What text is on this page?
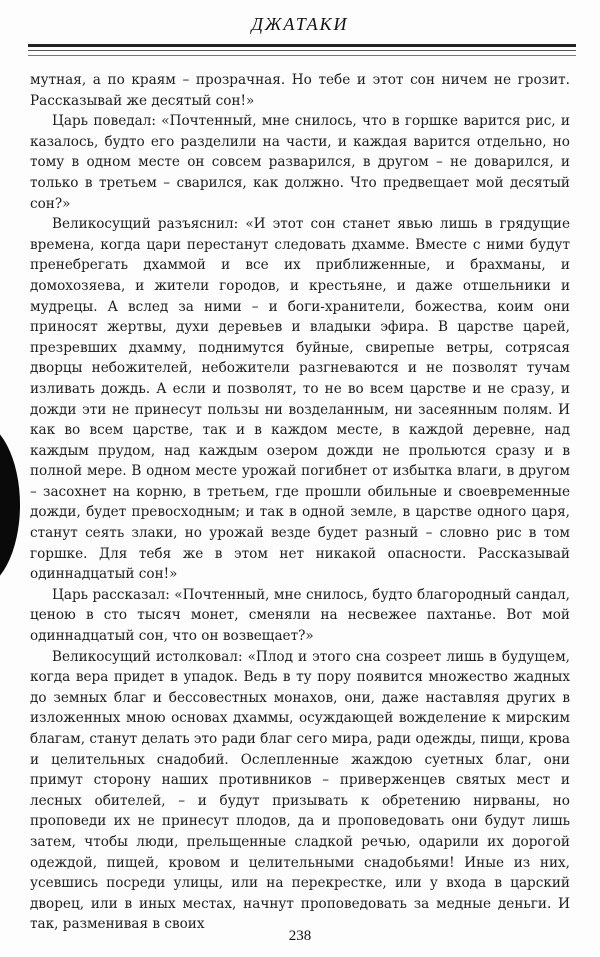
ДЖАТАКИ

мутная, а по краям – прозрачная. Но тебе и этот сон ничем не грозит. Рассказывай же десятый сон!»

Царь поведал: «Почтенный, мне снилось, что в горшке варится рис, и казалось, будто его разделили на части, и каждая варится отдельно, но тому в одном месте он совсем разварился, в другом – не доварился, и только в третьем – сварился, как должно. Что предвещает мой десятый сон?»

Великосущий разъяснил: «И этот сон станет явью лишь в грядущие времена, когда цари перестанут следовать дхамме. Вместе с ними будут пренебрегать дхаммой и все их приближенные, и брахманы, и домохозяева, и жители городов, и крестьяне, и даже отшельники и мудрецы. А вслед за ними – и боги-хранители, божества, коим они приносят жертвы, духи деревьев и владыки эфира. В царстве царей, презревших дхамму, поднимутся буйные, свирепые ветры, сотрясая дворцы небожителей, небожители разгневаются и не позволят тучам изливать дождь. А если и позволят, то не во всем царстве и не сразу, и дожди эти не принесут пользы ни возделанным, ни засеянным полям. И как во всем царстве, так и в каждом месте, в каждой деревне, над каждым прудом, над каждым озером дожди не прольются сразу и в полной мере. В одном месте урожай погибнет от избытка влаги, в другом – засохнет на корню, в третьем, где прошли обильные и своевременные дожди, будет превосходным; и так в одной земле, в царстве одного царя, станут сеять злаки, но урожай везде будет разный – словно рис в том горшке. Для тебя же в этом нет никакой опасности. Рассказывай одиннадцатый сон!»

Царь рассказал: «Почтенный, мне снилось, будто благородный сандал, ценою в сто тысяч монет, сменяли на несвежее пахтанье. Вот мой одиннадцатый сон, что он возвещает?»

Великосущий истолковал: «Плод и этого сна созреет лишь в будущем, когда вера придет в упадок. Ведь в ту пору появится множество жадных до земных благ и бессовестных монахов, они, даже наставляя других в изложенных мною основах дхаммы, осуждающей вожделение к мирским благам, станут делать это ради благ сего мира, ради одежды, пищи, крова и целительных снадобий. Ослепленные жаждою суетных благ, они примут сторону наших противников – приверженцев святых мест и лесных обителей, – и будут призывать к обретению нирваны, но проповеди их не принесут плодов, да и проповедовать они будут лишь затем, чтобы люди, прельщенные сладкой речью, одарили их дорогой одеждой, пищей, кровом и целительными снадобьями! Иные из них, усевшись посреди улицы, или на перекрестке, или у входа в царский дворец, или в иных местах, начнут проповедовать за медные деньги. И так, разменивая в своих

238
